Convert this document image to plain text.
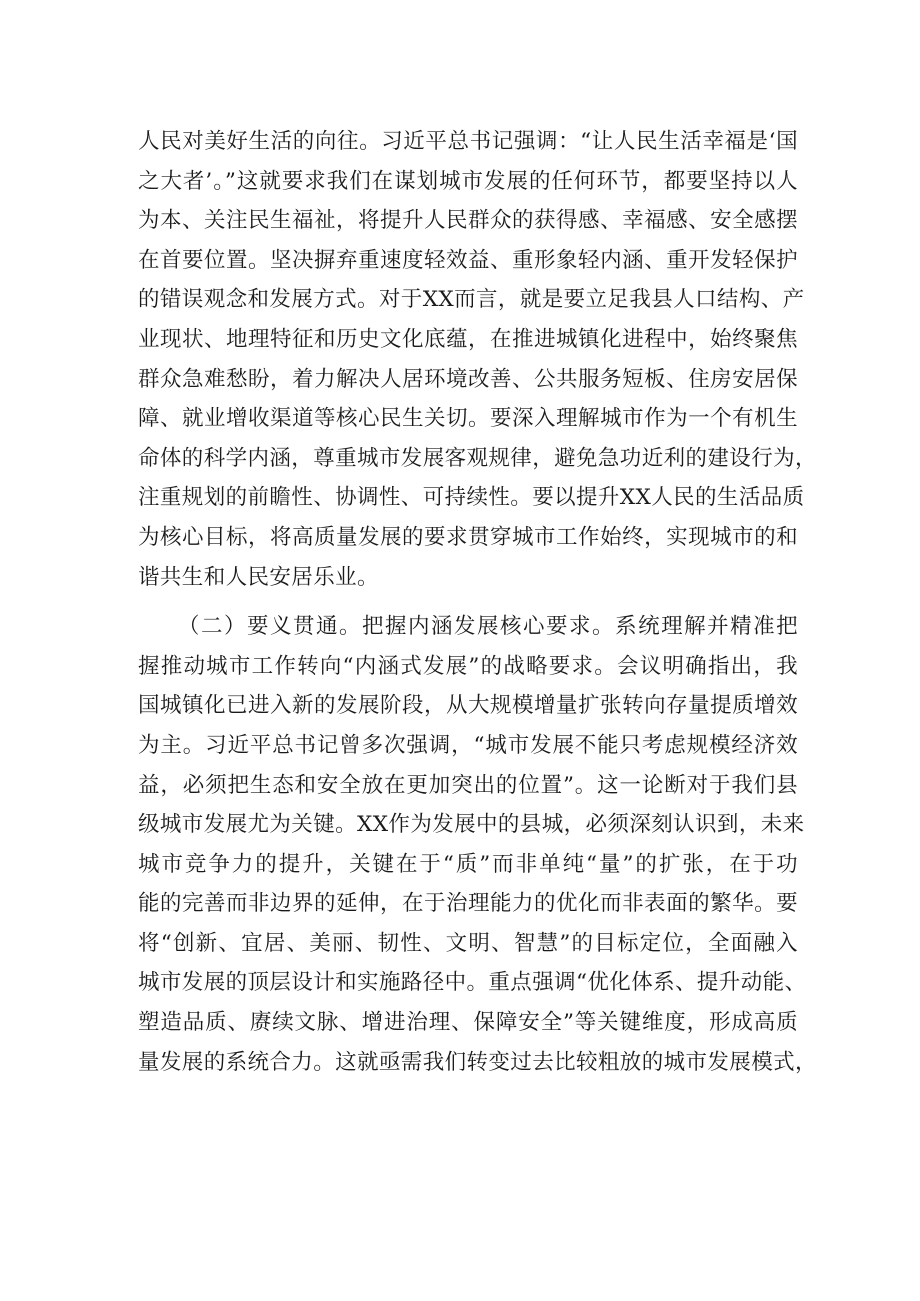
人民对美好生活的向往。习近平总书记强调：“让人民生活幸福是‘国
之大者’。”这就要求我们在谋划城市发展的任何环节，都要坚持以人
为本、关注民生福祉，将提升人民群众的获得感、幸福感、安全感摆
在首要位置。坚决摒弃重速度轻效益、重形象轻内涵、重开发轻保护
的错误观念和发展方式。对于XX而言，就是要立足我县人口结构、产
业现状、地理特征和历史文化底蕴，在推进城镇化进程中，始终聚焦
群众急难愁盼，着力解决人居环境改善、公共服务短板、住房安居保
障、就业增收渠道等核心民生关切。要深入理解城市作为一个有机生
命体的科学内涵，尊重城市发展客观规律，避免急功近利的建设行为，
注重规划的前瞻性、协调性、可持续性。要以提升XX人民的生活品质
为核心目标，将高质量发展的要求贯穿城市工作始终，实现城市的和
谐共生和人民安居乐业。
（二）要义贯通。把握内涵发展核心要求。系统理解并精准把
握推动城市工作转向“内涵式发展”的战略要求。会议明确指出，我
国城镇化已进入新的发展阶段，从大规模增量扩张转向存量提质增效
为主。习近平总书记曾多次强调，“城市发展不能只考虑规模经济效
益，必须把生态和安全放在更加突出的位置”。这一论断对于我们县
级城市发展尤为关键。XX作为发展中的县城，必须深刻认识到，未来
城市竞争力的提升，关键在于“质”而非单纯“量”的扩张，在于功
能的完善而非边界的延伸，在于治理能力的优化而非表面的繁华。要
将“创新、宜居、美丽、韧性、文明、智慧”的目标定位，全面融入
城市发展的顶层设计和实施路径中。重点强调“优化体系、提升动能、
塑造品质、赓续文脉、增进治理、保障安全”等关键维度，形成高质
量发展的系统合力。这就亟需我们转变过去比较粗放的城市发展模式，
